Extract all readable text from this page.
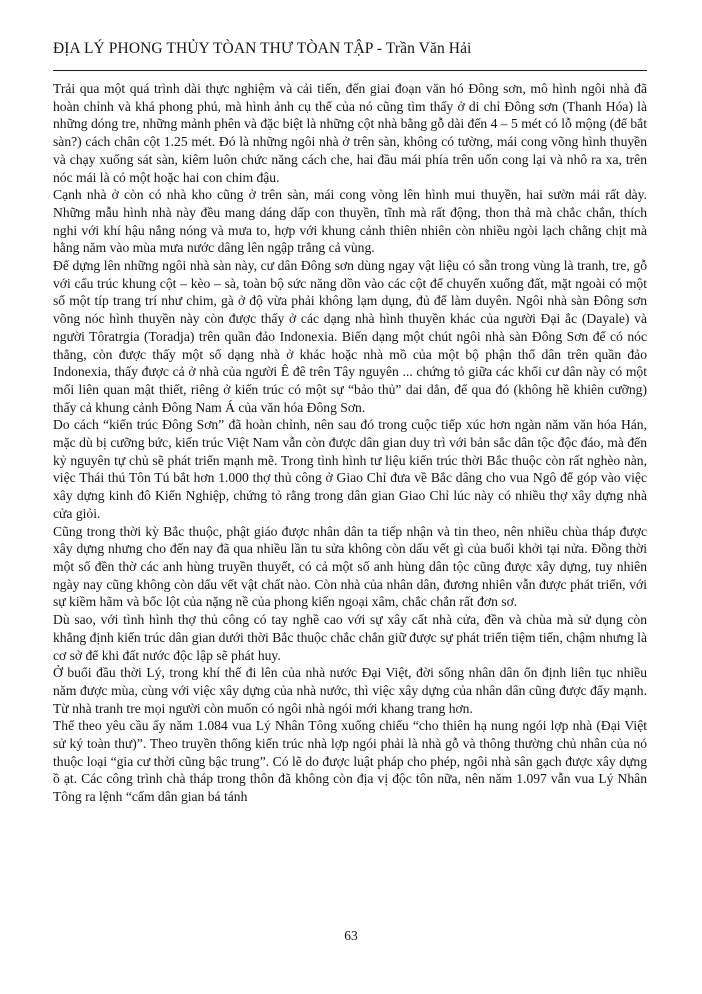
ĐỊA LÝ PHONG THỦY TÒAN THƯ TÒAN TẬP - Trần Văn Hải

Trải qua một quá trình dài thực nghiệm và cải tiến, đến giai đoạn văn hó Đông sơn, mô hình ngôi nhà đã hoàn chỉnh và khá phong phú, mà hình ảnh cụ thể của nó cũng tìm thấy ở di chỉ Đông sơn (Thanh Hóa) là những dóng tre, những mảnh phên và đặc biệt là những cột nhà bằng gỗ dài đến 4 – 5 mét có lỗ mộng (để bắt sàn?) cách chân cột 1.25 mét. Đó là những ngôi nhà ở trên sàn, không có tường, mái cong võng hình thuyền và chạy xuống sát sàn, kiêm luôn chức năng cách che, hai đầu mái phía trên uốn cong lại và nhô ra xa, trên nóc mái là có một hoặc hai con chim đậu.

Cạnh nhà ở còn có nhà kho cũng ở trên sàn, mái cong vòng lên hình mui thuyền, hai sườn mái rất dày. Những mẫu hình nhà này đều mang dáng dấp con thuyền, tĩnh mà rất động, thon thả mà chắc chắn, thích nghi với khí hậu nắng nóng và mưa to, hợp với khung cảnh thiên nhiên còn nhiều ngòi lạch chằng chịt mà hằng năm vào mùa mưa nước dâng lên ngập trắng cả vùng.

Để dựng lên những ngôi nhà sàn này, cư dân Đông sơn dùng ngay vật liệu có sẵn trong vùng là tranh, tre, gỗ với cấu trúc khung cột – kèo – sà, toàn bộ sức năng dồn vào các cột để chuyển xuống đất, mặt ngoài có một số một típ trang trí như chim, gà ở độ vừa phải không lạm dụng, đủ để làm duyên. Ngôi nhà sàn Đông sơn võng nóc hình thuyền này còn được thấy ở các dạng nhà hình thuyền khác của người Đại ắc (Dayale) và người Tôratrgia (Toradja) trên quần đảo Indonexia. Biến dạng một chút ngôi nhà sàn Đông Sơn để có nóc thẳng, còn được thấy một số dạng nhà ở khác hoặc nhà mồ của một bộ phận thổ dân trên quần đảo Indonexia, thấy được cả ở nhà của người Ê đê trên Tây nguyên ... chứng tỏ giữa các khối cư dân này có một mối liên quan mật thiết, riêng ở kiến trúc có một sự “bảo thủ” dai dẳn, để qua đó (không hề khiên cưỡng) thấy cả khung cảnh Đông Nam Á của văn hóa Đông Sơn.

Do cách “kiến trúc Đông Sơn” đã hoàn chỉnh, nên sau đó trong cuộc tiếp xúc hơn ngàn năm văn hóa Hán, mặc dù bị cưỡng bức, kiến trúc Việt Nam vẫn còn được dân gian duy trì với bản sắc dân tộc độc đáo, mà đến kỷ nguyên tự chủ sẽ phát triển mạnh mẽ. Trong tình hình tư liệu kiến trúc thời Bắc thuộc còn rất nghèo nàn, việc Thái thú Tôn Tú bắt hơn 1.000 thợ thủ công ở Giao Chỉ đưa về Bắc dâng cho vua Ngô để góp vào việc xây dựng kinh đô Kiến Nghiệp, chứng tỏ rằng trong dân gian Giao Chỉ lúc này có nhiều thợ xây dựng nhà cửa giỏi.

Cũng trong thời kỳ Bắc thuộc, phật giáo được nhân dân ta tiếp nhận và tin theo, nên nhiều chùa tháp được xây dựng nhưng cho đến nay đã qua nhiều lần tu sửa không còn dấu vết gì của buổi khởi tại nửa. Đồng thời một số đền thờ các anh hùng truyền thuyết, có cả một số anh hùng dân tộc cũng được xây dựng, tuy nhiên ngày nay cũng không còn dấu vết vật chất nào. Còn nhà của nhân dân, đương nhiên vẫn được phát triển, với sự kiềm hãm và bốc lột của nặng nề của phong kiến ngoại xâm, chắc chắn rất đơn sơ.

Dù sao, với tình hình thợ thủ công có tay nghề cao với sự xây cất nhà cửa, đền và chùa mà sử dụng còn khẳng định kiến trúc dân gian dưới thời Bắc thuộc chắc chắn giữ được sự phát triển tiệm tiến, chậm nhưng là cơ sở để khi đất nước độc lập sẽ phát huy.

Ở buổi đầu thời Lý, trong khí thế đi lên của nhà nước Đại Việt, đời sống nhân dân ổn định liên tục nhiều năm được mùa, cùng với việc xây dựng của nhà nước, thì việc xây dựng của nhân dân cũng được đẩy mạnh. Từ nhà tranh tre mọi người còn muốn có ngôi nhà ngói mới khang trang hơn.

Thể theo yêu cầu ấy năm 1.084 vua Lý Nhân Tông xuống chiếu “cho thiên hạ nung ngói lợp nhà (Đại Việt sử ký toàn thư)”. Theo truyền thống kiến trúc nhà lợp ngói phải là nhà gỗ và thông thường chủ nhân của nó thuộc loại “gia cư thời cũng bậc trung”. Có lẽ do được luật pháp cho phép, ngôi nhà sân gạch được xây dựng ồ ạt. Các công trình chà tháp trong thôn đã không còn địa vị độc tôn nữa, nên năm 1.097 vẫn vua Lý Nhân Tông ra lệnh “cấm dân gian bá tánh

63
